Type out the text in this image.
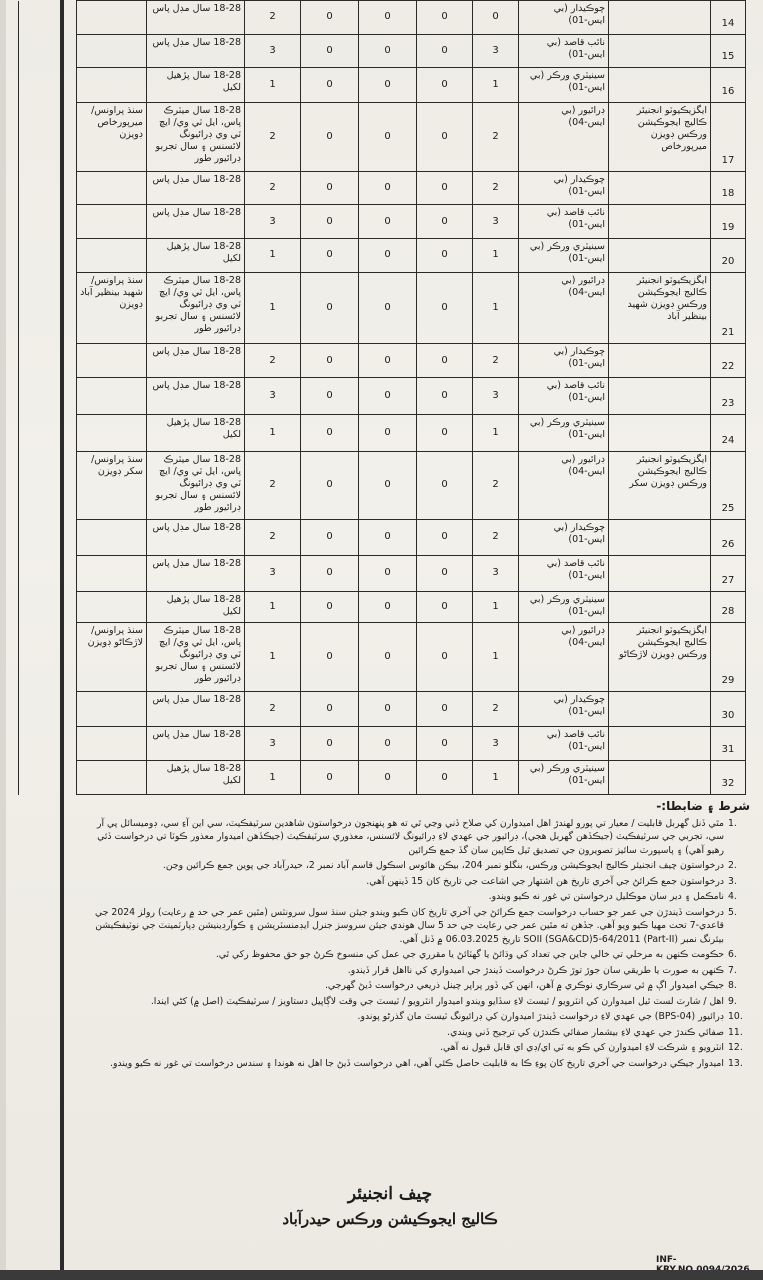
14		چوڪيدار (بي ايس-01)	0	0	0	0	2	18-28 سال مڊل پاس		
15		نائب قاصد (بي ايس-01)	3	0	0	0	3	18-28 سال مڊل پاس		
16		سينيٽري ورڪر (بي ايس-01)	1	0	0	0	1	18-28 سال پڙهيل لکيل		
17	ايگزيڪيوٽو انجنيئر ڪاليج ايجوڪيشن ورڪس ڊويزن ميرپورخاص	ڊرائيور (بي ايس-04)	2	0	0	0	2	18-28 سال ميٽرڪ پاس، ايل ٽي وي/ ايڇ ٽي وي ڊرائيونگ لائسنس ۽ سال تجربو ڊرائيور طور	سنڌ پراونس/ ميرپورخاص ڊويزن	
18		چوڪيدار (بي ايس-01)	2	0	0	0	2	18-28 سال مڊل پاس		
19		نائب قاصد (بي ايس-01)	3	0	0	0	3	18-28 سال مڊل پاس		
20		سينيٽري ورڪر (بي ايس-01)	1	0	0	0	1	18-28 سال پڙهيل لکيل		
21	ايگزيڪيوٽو انجنيئر ڪاليج ايجوڪيشن ورڪس ڊويزن شهيد بينظير آباد	ڊرائيور (بي ايس-04)	1	0	0	0	1	18-28 سال ميٽرڪ پاس، ايل ٽي وي/ ايڇ ٽي وي ڊرائيونگ لائسنس ۽ سال تجربو ڊرائيور طور	سنڌ پراونس/ شهيد بينظير آباد ڊويزن	
22		چوڪيدار (بي ايس-01)	2	0	0	0	2	18-28 سال مڊل پاس		
23		نائب قاصد (بي ايس-01)	3	0	0	0	3	18-28 سال مڊل پاس		
24		سينيٽري ورڪر (بي ايس-01)	1	0	0	0	1	18-28 سال پڙهيل لکيل		
25	ايگزيڪيوٽو انجنيئر ڪاليج ايجوڪيشن ورڪس ڊويزن سکر	ڊرائيور (بي ايس-04)	2	0	0	0	2	18-28 سال ميٽرڪ پاس، ايل ٽي وي/ ايڇ ٽي وي ڊرائيونگ لائسنس ۽ سال تجربو ڊرائيور طور	سنڌ پراونس/ سکر ڊويزن	
26		چوڪيدار (بي ايس-01)	2	0	0	0	2	18-28 سال مڊل پاس		
27		نائب قاصد (بي ايس-01)	3	0	0	0	3	18-28 سال مڊل پاس		
28		سينيٽري ورڪر (بي ايس-01)	1	0	0	0	1	18-28 سال پڙهيل لکيل		
29	ايگزيڪيوٽو انجنيئر ڪاليج ايجوڪيشن ورڪس ڊويزن لاڙڪاڻو	ڊرائيور (بي ايس-04)	1	0	0	0	1	18-28 سال ميٽرڪ پاس، ايل ٽي وي/ ايڇ ٽي وي ڊرائيونگ لائسنس ۽ سال تجربو ڊرائيور طور	سنڌ پراونس/ لاڙڪاڻو ڊويزن	
30		چوڪيدار (بي ايس-01)	2	0	0	0	2	18-28 سال مڊل پاس		
31		نائب قاصد (بي ايس-01)	3	0	0	0	3	18-28 سال مڊل پاس		
32		سينيٽري ورڪر (بي ايس-01)	1	0	0	0	1	18-28 سال پڙهيل لکيل		
شرط ۽ ضابطا:-
1.
مٿي ڏنل گهربل قابليت / معيار تي پورو لهندڙ اهل اميدوارن کي صلاح ڏني وڃي ٿي ته هو پنهنجون درخواستون شاهدين سرٽيفڪيٽ، سي اين آءِ سي، ڊوميسائل پي آر سي، تجربي جي سرٽيفڪيٽ (جيڪڏهن گهربل هجي)، ڊرائيور جي عهدي لاءِ ڊرائيونگ لائسنس، معذوري سرٽيفڪيٽ (جيڪڏهن اميدوار معذور ڪوٽا تي درخواست ڏئي رهيو آهي) ۽ پاسپورٽ سائيز تصويرون جي تصديق ٿيل ڪاپين سان گڏ جمع ڪرائين
2.
درخواستون چيف انجنيئر ڪاليج ايجوڪيشن ورڪس، بنگلو نمبر 204، بيڪن هائوس اسڪول قاسم آباد نمبر 2، حيدرآباد جي پوين جمع ڪرائين وڃن.
3.
درخواستون جمع ڪرائڻ جي آخري تاريخ هن اشتهار جي اشاعت جي تاريخ کان 15 ڏينهن آهي.
4.
نامڪمل ۽ دير سان موڪليل درخواستن تي غور نه ڪيو ويندو.
5.
درخواست ڏيندڙن جي عمر جو حساب درخواست جمع ڪرائڻ جي آخري تاريخ کان ڪيو ويندو جيئن سنڌ سول سرونٽس (مٿين عمر جي حد ۾ رعايت) رولز 2024 جي قاعدي-7 تحت مهيا ڪيو ويو آهي. جڏهن ته مٿين عمر جي رعايت جي حد 5 سال هوندي جيئن سروسز جنرل ايڊمنسٽريشن ۽ ڪوآرڊينيشن ڊپارٽمينٽ جي نوٽيفڪيشن بيئرنگ نمبر SOII (SGA&CD)5-64/2011 (Part-II) تاريخ 06.03.2025 ۾ ڏنل آهي.
6.
حڪومت ڪنهن به مرحلي تي خالي جاين جي تعداد کي وڌائڻ يا گهٽائڻ يا مقرري جي عمل کي منسوخ ڪرڻ جو حق محفوظ رکي ٿي.
7.
ڪنهن به صورت يا طريقي سان جوڙ توڙ ڪرڻ درخواست ڏيندڙ جي اميدواري کي نااهل قرار ڏيندو.
8.
جيڪي اميدوار اڳ ۾ ئي سرڪاري نوڪري ۾ آهن، انهن کي ڏور پراپر چينل ذريعي درخواست ڏيڻ گهرجي.
9.
اهل / شارٽ لسٽ ٿيل اميدوارن کي انٽرويو / ٽيسٽ لاءِ سڏايو ويندو اميدوار انٽرويو / ٽيسٽ جي وقت لاڳاپيل دستاويز / سرٽيفڪيٽ (اصل ۾) کڻي ايندا.
10.
ڊرائيور (BPS-04) جي عهدي لاءِ درخواست ڏيندڙ اميدوارن کي ڊرائيونگ ٽيسٽ مان گذرڻو پوندو.
11.
صفائي ڪندڙ جي عهدي لاءِ بيشمار صفائي ڪندڙن کي ترجيح ڏني ويندي.
12.
انٽرويو ۽ شرڪت لاءِ اميدوارن کي ڪو به ٽي اي/ڊي اي قابل قبول نه آهي.
13.
اميدوار جيڪي درخواست جي آخري تاريخ کان پوءِ ڪا به قابليت حاصل ڪئي آهي، اهي درخواست ڏيڻ جا اهل نه هوندا ۽ سندس درخواست تي غور نه ڪيو ويندو.
چيف انجنيئر
ڪاليج ايجوڪيشن ورڪس حيدرآباد
INF-
